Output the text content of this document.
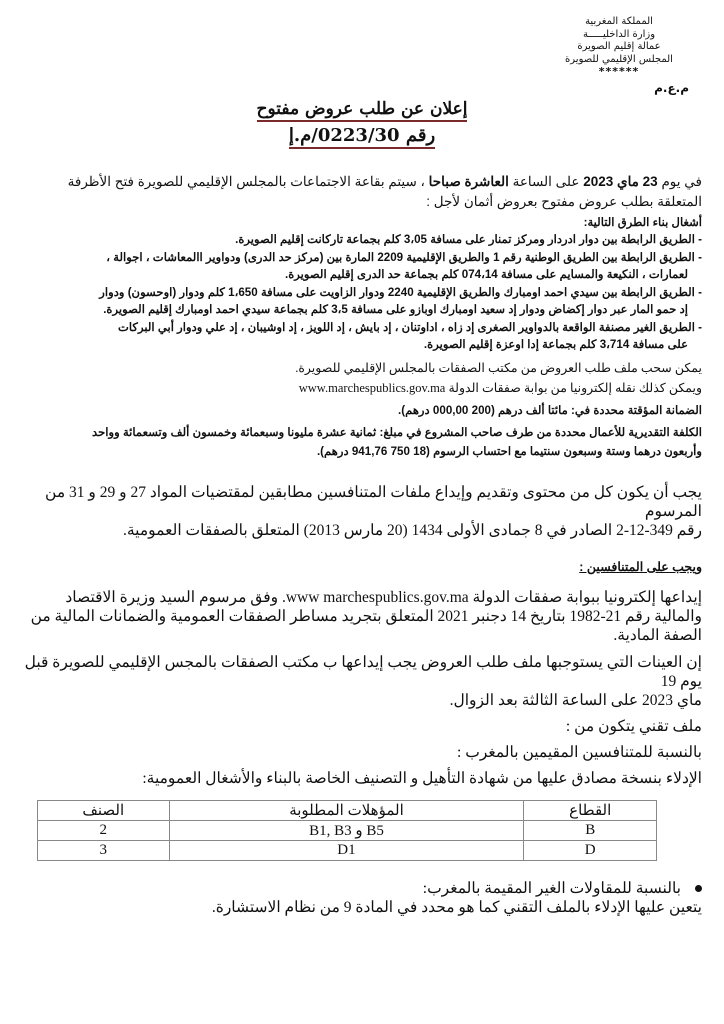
المملكة المغربية
وزارة الداخليـــــة
عمالة إقليم الصويرة
المجلس الإقليمي للصويرة
******
م.ع.م
إعلان عن طلب عروض مفتوح
رقم 0223/30/م.إ
في يوم 23 ماي 2023 على الساعة العاشرة صباحا ، سيتم بقاعة الاجتماعات بالمجلس الإقليمي للصويرة فتح الأظرفة المتعلقة بطلب عروض مفتوح بعروض أثمان لأجل :

أشغال بناء الطرق التالية:

- الطريق الرابطة بين دوار ادردار ومركز تمنار على مسافة 3،05 كلم بجماعة تاركانت إقليم الصويرة.

- الطريق الرابطة بين الطريق الوطنية رقم 1 والطريق الإقليمية 2209 المارة بين (مركز حد الدرى) ودواوير االمعاشات ، اجوالة ،

لعمارات ، النكيعة والمسايم على مسافة 074،14 كلم بجماعة حد الدرى إقليم الصويرة.

- الطريق الرابطة بين سيدي احمد اومبارك والطريق الإقليمية 2240 ودوار الزاويت على مسافة 1،650 كلم ودوار (اوحسون) ودوار

إد حمو المار عبر دوار إكضاض ودوار إد سعيد اومبارك اوبازو على مسافة 3،5 كلم بجماعة سيدي احمد اومبارك إقليم الصويرة.

- الطريق الغير مصنفة الواقعة بالدواوير الصغرى إد زاه ، اداوتنان ، إد بايش ، إد اللويز ، إد اوشيبان ، إد علي ودوار أبي البركات

على مسافة 3،714 كلم بجماعة إدا اوعزة إقليم الصويرة.

يمكن سحب ملف طلب العروض من مكتب الصفقات بالمجلس الإقليمي للصويرة.

ويمكن كذلك نقله إلكترونيا من بوابة صفقات الدولة www.marchespublics.gov.ma

الضمانة المؤقتة محددة في: مائتا ألف درهم (200 000,00 درهم).

الكلفة التقديرية للأعمال محددة من طرف صاحب المشروع في مبلغ: ثمانية عشرة مليونا وسبعمائة وخمسون ألف وتسعمائة وواحد

وأربعون درهما وستة وسبعون سنتيما مع احتساب الرسوم (18 750 941,76 درهم).

يجب أن يكون كل من محتوى وتقديم وإيداع ملفات المتنافسين مطابقين لمقتضيات المواد 27 و 29 و 31 من المرسوم

رقم 349-12-2 الصادر في 8 جمادى الأولى 1434 (20 مارس 2013) المتعلق بالصفقات العمومية.

ويجب على المتنافسين :

إيداعها إلكترونيا ببوابة صفقات الدولة www marchespublics.gov.ma. وفق مرسوم السيد وزيرة الاقتصاد

والمالية رقم 21-1982 بتاريخ 14 دجنبر 2021 المتعلق بتجريد مساطر الصفقات العمومية والضمانات المالية من

الصفة المادية.

إن العينات التي يستوجبها ملف طلب العروض يجب إيداعها ب مكتب الصفقات بالمجس الإقليمي للصويرة قبل يوم 19

ماي 2023 على الساعة الثالثة بعد الزوال.

ملف تقني يتكون من :
بالنسبة للمتنافسين المقيمين بالمغرب :
الإدلاء بنسخة مصادق عليها من شهادة التأهيل و التصنيف الخاصة بالبناء والأشغال العمومية:
القطاع	المؤهلات المطلوبة	الصنف
B	B5 و B1, B3	2
D	D1	3

بالنسبة للمقاولات الغير المقيمة بالمغرب:

يتعين عليها الإدلاء بالملف التقني كما هو محدد في المادة 9 من نظام الاستشارة.
